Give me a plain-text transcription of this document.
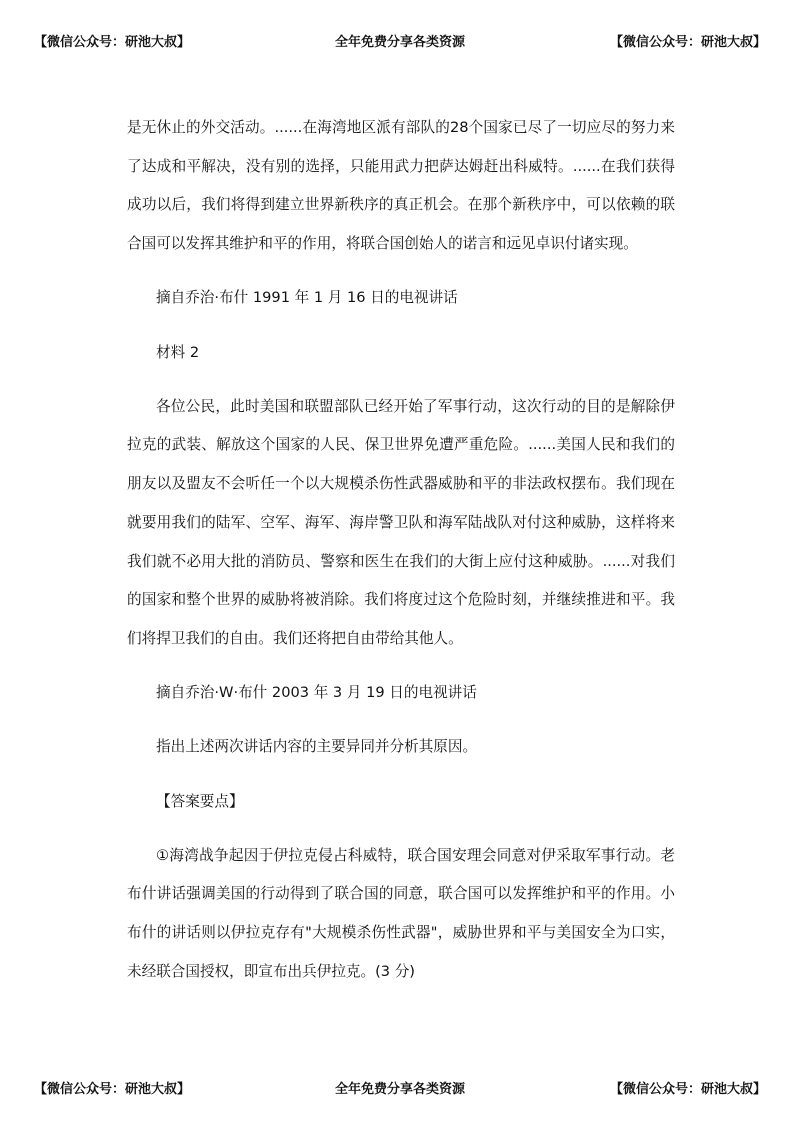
【微信公众号：研池大叔】	全年免费分享各类资源	【微信公众号：研池大叔】

是无休止的外交活动。......在海湾地区派有部队的28个国家已尽了一切应尽的努力来了达成和平解决，没有别的选择，只能用武力把萨达姆赶出科威特。......在我们获得成功以后，我们将得到建立世界新秩序的真正机会。在那个新秩序中，可以依赖的联合国可以发挥其维护和平的作用，将联合国创始人的诺言和远见卓识付诸实现。

摘自乔治·布什 1991 年 1 月 16 日的电视讲话

材料 2

各位公民，此时美国和联盟部队已经开始了军事行动，这次行动的目的是解除伊拉克的武装、解放这个国家的人民、保卫世界免遭严重危险。......美国人民和我们的朋友以及盟友不会听任一个以大规模杀伤性武器威胁和平的非法政权摆布。我们现在就要用我们的陆军、空军、海军、海岸警卫队和海军陆战队对付这种威胁，这样将来我们就不必用大批的消防员、警察和医生在我们的大街上应付这种威胁。......对我们的国家和整个世界的威胁将被消除。我们将度过这个危险时刻，并继续推进和平。我们将捍卫我们的自由。我们还将把自由带给其他人。

摘自乔治·W·布什 2003 年 3 月 19 日的电视讲话

指出上述两次讲话内容的主要异同并分析其原因。

【答案要点】

①海湾战争起因于伊拉克侵占科威特，联合国安理会同意对伊采取军事行动。老布什讲话强调美国的行动得到了联合国的同意，联合国可以发挥维护和平的作用。小布什的讲话则以伊拉克存有"大规模杀伤性武器"，威胁世界和平与美国安全为口实，未经联合国授权，即宣布出兵伊拉克。(3 分)

【微信公众号：研池大叔】	全年免费分享各类资源	【微信公众号：研池大叔】
